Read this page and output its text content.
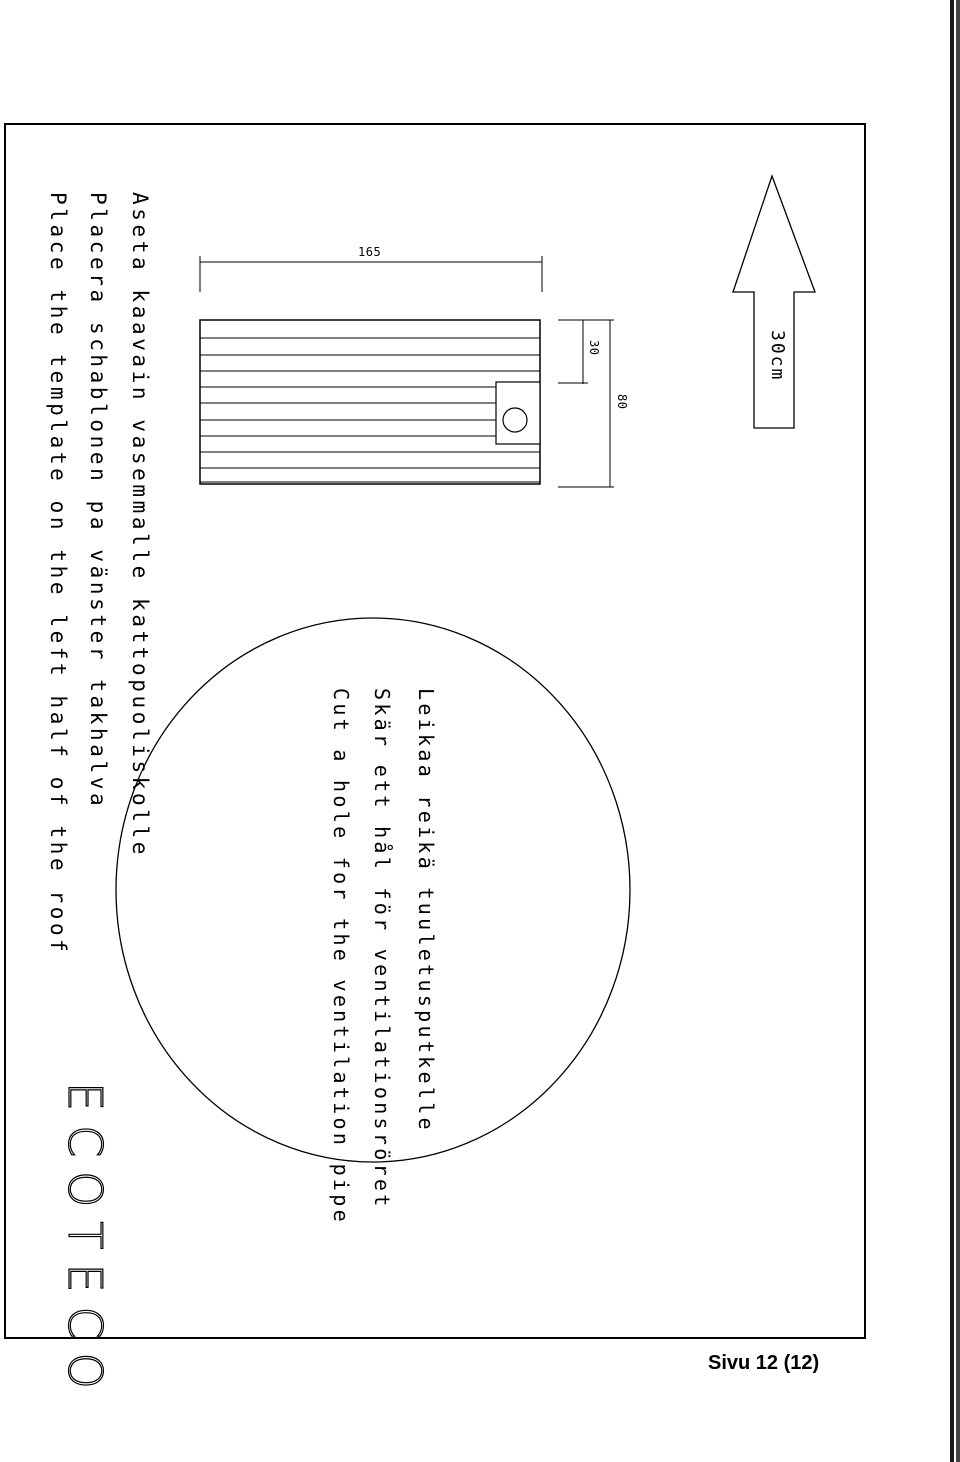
Aseta kaavain vasemmalle kattopuoliskolle
Placera schablonen pa vänster takhalva
Place the template on the left half of the roof	Leikaa reikä tuuletusputkelle
Skär ett hål för ventilationsröret
Cut a hole for the ventilation pipe
165
30
80
30cm
ECOTECO	Sivu 12 (12)
